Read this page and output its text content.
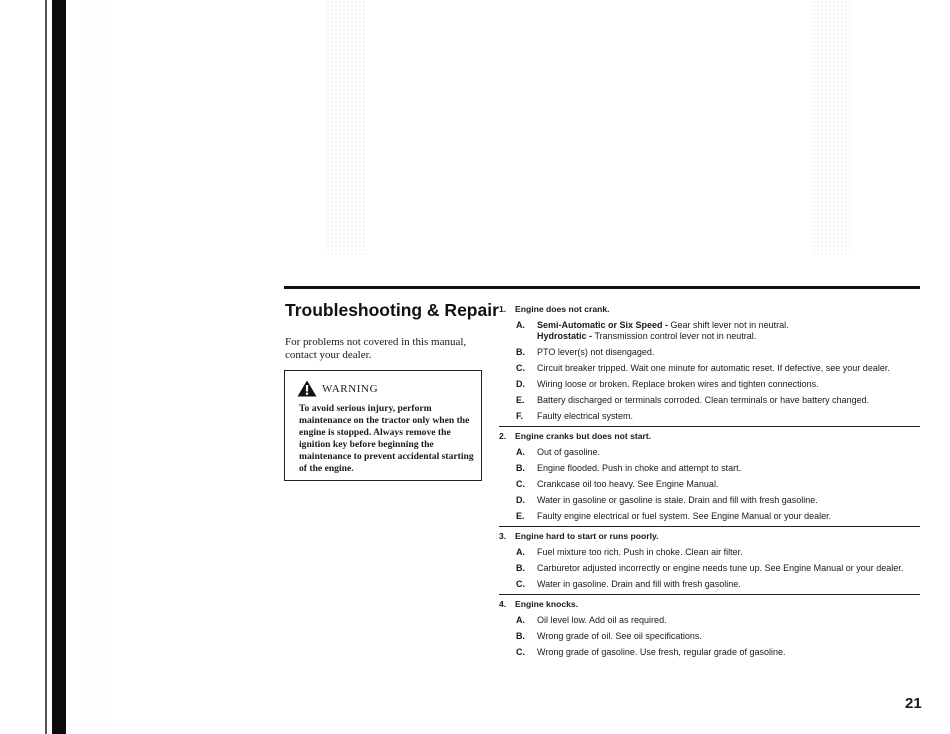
Troubleshooting & Repair
For problems not covered in this manual, contact your dealer.
WARNING
To avoid serious injury, perform maintenance on the tractor only when the engine is stopped. Always remove the ignition key before beginning the maintenance to prevent accidental starting of the engine.
1.	Engine does not crank.
A.	Semi-Automatic or Six Speed - Gear shift lever not in neutral.
Hydrostatic - Transmission control lever not in neutral.
B.	PTO lever(s) not disengaged.
C.	Circuit breaker tripped. Wait one minute for automatic reset. If defective, see your dealer.
D.	Wiring loose or broken. Replace broken wires and tighten connections.
E.	Battery discharged or terminals corroded. Clean terminals or have battery changed.
F.	Faulty electrical system.
2.	Engine cranks but does not start.
A.	Out of gasoline.
B.	Engine flooded. Push in choke and attempt to start.
C.	Crankcase oil too heavy. See Engine Manual.
D.	Water in gasoline or gasoline is stale. Drain and fill with fresh gasoline.
E.	Faulty engine electrical or fuel system. See Engine Manual or your dealer.
3.	Engine hard to start or runs poorly.
A.	Fuel mixture too rich. Push in choke. Clean air filter.
B.	Carburetor adjusted incorrectly or engine needs tune up. See Engine Manual or your dealer.
C.	Water in gasoline. Drain and fill with fresh gasoline.
4.	Engine knocks.
A.	Oil level low. Add oil as required.
B.	Wrong grade of oil. See oil specifications.
C.	Wrong grade of gasoline. Use fresh, regular grade of gasoline.
21
